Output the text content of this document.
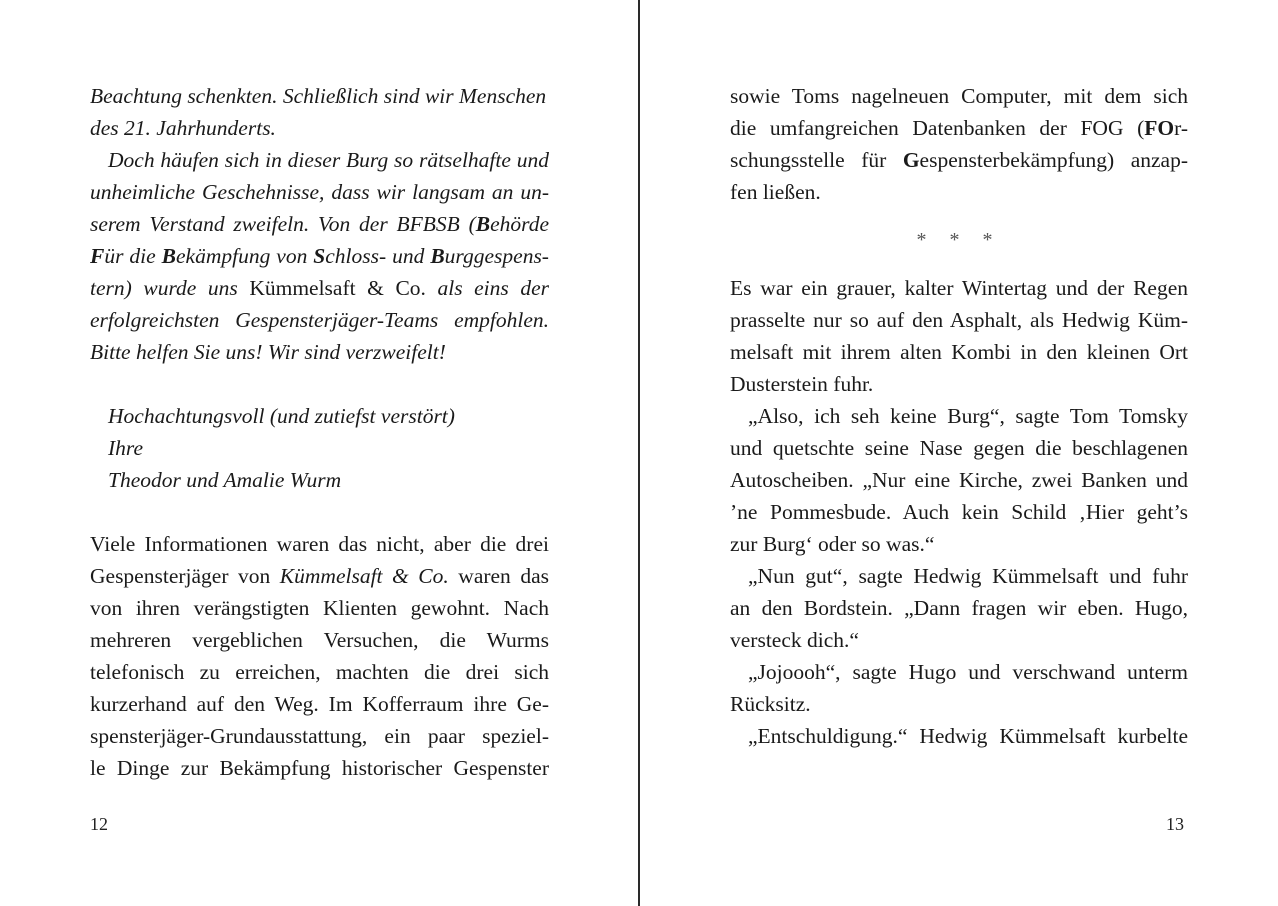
Beachtung schenkten. Schließlich sind wir Menschen
des 21. Jahrhunderts.
Doch häufen sich in dieser Burg so rätselhafte und
unheimliche Geschehnisse, dass wir langsam an un-
serem Verstand zweifeln. Von der BFBSB (Behörde
Für die Bekämpfung von Schloss- und Burggespens-
tern) wurde uns Kümmelsaft & Co. als eins der
erfolgreichsten Gespensterjäger-Teams empfohlen.
Bitte helfen Sie uns! Wir sind verzweifelt!
Hochachtungsvoll (und zutiefst verstört)
Ihre
Theodor und Amalie Wurm
Viele Informationen waren das nicht, aber die drei
Gespensterjäger von Kümmelsaft & Co. waren das
von ihren verängstigten Klienten gewohnt. Nach
mehreren vergeblichen Versuchen, die Wurms
telefonisch zu erreichen, machten die drei sich
kurzerhand auf den Weg. Im Kofferraum ihre Ge-
spensterjäger-Grundausstattung, ein paar speziel-
le Dinge zur Bekämpfung historischer Gespenster
12
sowie Toms nagelneuen Computer, mit dem sich
die umfangreichen Datenbanken der FOG (FOr-
schungsstelle für Gespensterbekämpfung) anzap-
fen ließen.
* * *
Es war ein grauer, kalter Wintertag und der Regen
prasselte nur so auf den Asphalt, als Hedwig Küm-
melsaft mit ihrem alten Kombi in den kleinen Ort
Dusterstein fuhr.
„Also, ich seh keine Burg“, sagte Tom Tomsky
und quetschte seine Nase gegen die beschlagenen
Autoscheiben. „Nur eine Kirche, zwei Banken und
’ne Pommesbude. Auch kein Schild ‚Hier geht’s
zur Burg‘ oder so was.“
„Nun gut“, sagte Hedwig Kümmelsaft und fuhr
an den Bordstein. „Dann fragen wir eben. Hugo,
versteck dich.“
„Jojoooh“, sagte Hugo und verschwand unterm
Rücksitz.
„Entschuldigung.“ Hedwig Kümmelsaft kurbelte
13
